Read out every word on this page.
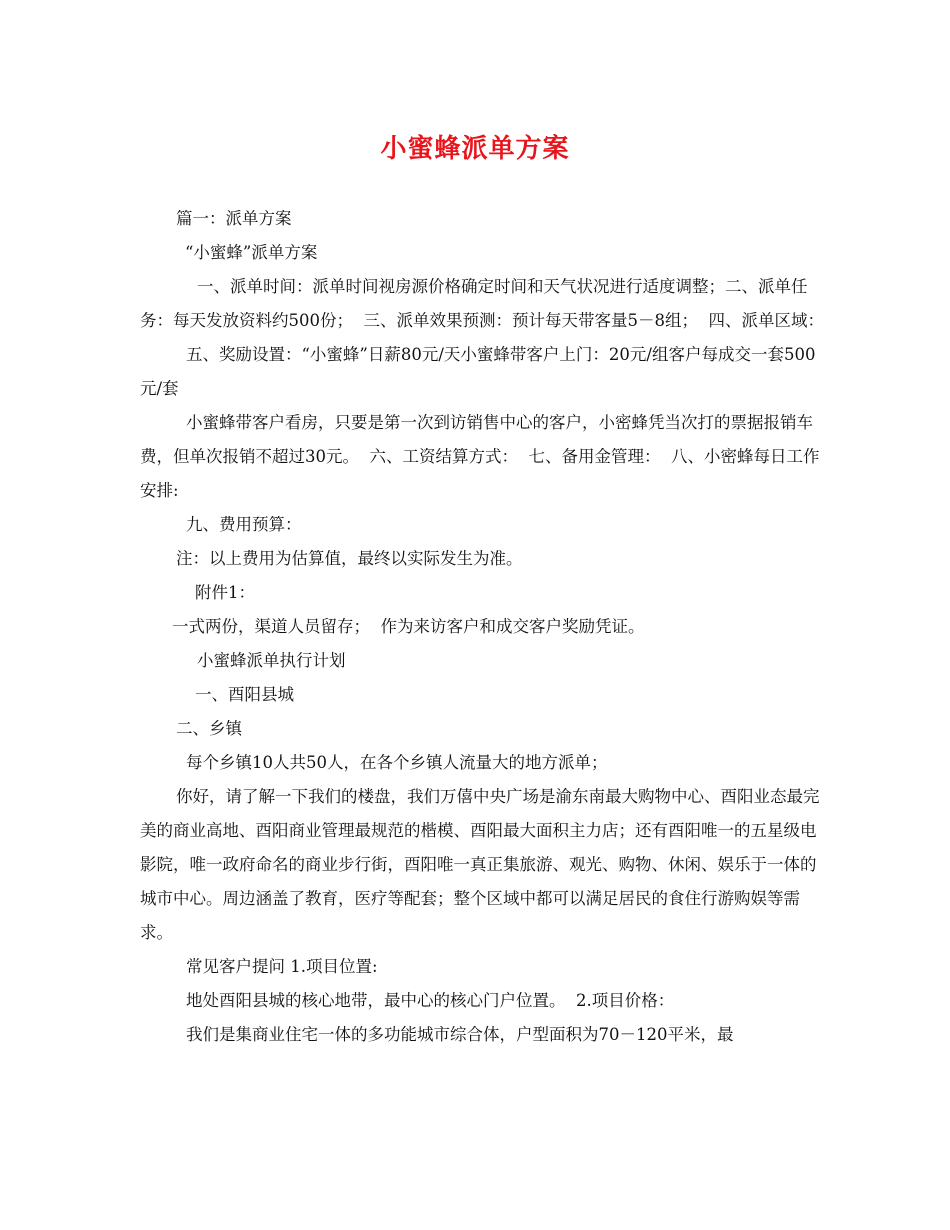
小蜜蜂派单方案

篇一：派单方案

“小蜜蜂”派单方案

一、派单时间：派单时间视房源价格确定时间和天气状况进行适度调整；二、派单任务：每天发放资料约500份；  三、派单效果预测：预计每天带客量5－8组；  四、派单区域：

五、奖励设置：“小蜜蜂”日薪80元/天小蜜蜂带客户上门：20元/组客户每成交一套500元/套

小蜜蜂带客户看房，只要是第一次到访销售中心的客户，小密蜂凭当次打的票据报销车费，但单次报销不超过30元。  六、工资结算方式：  七、备用金管理：  八、小密蜂每日工作安排:

九、费用预算：

注：以上费用为估算值，最终以实际发生为准。

附件1：

一式两份，渠道人员留存；  作为来访客户和成交客户奖励凭证。

小蜜蜂派单执行计划

一、酉阳县城

二、乡镇

每个乡镇10人共50人，在各个乡镇人流量大的地方派单；

你好，请了解一下我们的楼盘，我们万僖中央广场是渝东南最大购物中心、酉阳业态最完美的商业高地、酉阳商业管理最规范的楷模、酉阳最大面积主力店；还有酉阳唯一的五星级电影院，唯一政府命名的商业步行街，酉阳唯一真正集旅游、观光、购物、休闲、娱乐于一体的城市中心。周边涵盖了教育，医疗等配套；整个区域中都可以满足居民的食住行游购娱等需求。

常见客户提问 1.项目位置:

地处酉阳县城的核心地带，最中心的核心门户位置。  2.项目价格：

我们是集商业住宅一体的多功能城市综合体，户型面积为70－120平米，最
